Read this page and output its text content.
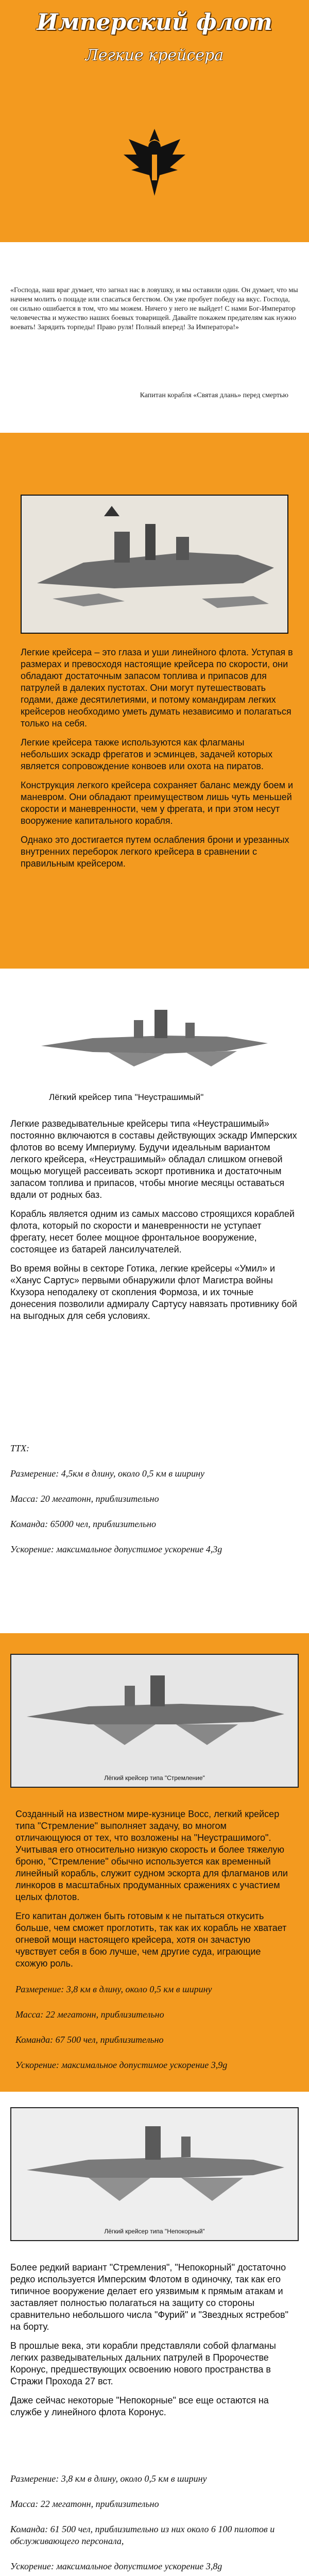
Имперский флот
Легкие крейсера
«Господа, наш враг думает, что загнал нас в ловушку, и мы оставили один. Он думает, что мы начнем молить о пощаде или спасаться бегством. Он уже пробует победу на вкус. Господа, он сильно ошибается в том, что мы можем. Ничего у него не выйдет! С нами Бог-Император человечества и мужество наших боевых товарищей. Давайте покажем предателям как нужно воевать! Зарядить торпеды! Право руля! Полный вперед! За Императора!»
Капитан корабля «Святая длань» перед смертью

Легкие крейсера – это глаза и уши линейного флота. Уступая в размерах и превосходя настоящие крейсера по скорости, они обладают достаточным запасом топлива и припасов для патрулей в далеких пустотах. Они могут путешествовать годами, даже десятилетиями, и потому командирам легких крейсеров необходимо уметь думать независимо и полагаться только на себя.

Легкие крейсера также используются как флагманы небольших эскадр фрегатов и эсминцев, задачей которых является сопровождение конвоев или охота на пиратов.

Конструкция легкого крейсера сохраняет баланс между боем и маневром. Они обладают преимуществом лишь чуть меньшей скорости и маневренности, чем у фрегата, и при этом несут вооружение капитального корабля.

Однако это достигается путем ослабления брони и урезанных внутренних переборок легкого крейсера в сравнении с правильным крейсером.

Лёгкий крейсер типа "Неустрашимый"

Легкие разведывательные крейсеры типа «Неустрашимый» постоянно включаются в составы действующих эскадр Имперских флотов во всему Империуму. Будучи идеальным вариантом легкого крейсера, «Неустрашимый» обладал слишком огневой мощью могущей рассеивать эскорт противника и достаточным запасом топлива и припасов, чтобы многие месяцы оставаться вдали от родных баз.

Корабль является одним из самых массово строящихся кораблей флота, который по скорости и маневренности не уступает фрегату, несет более мощное фронтальное вооружение, состоящее из батарей лансилучателей.

Во время войны в секторе Готика, легкие крейсеры «Умил» и «Ханус Сартус» первыми обнаружили флот Магистра войны Кхузора неподалеку от скопления Формоза, и их точные донесения позволили адмиралу Сартусу навязать противнику бой на выгодных для себя условиях.

ТТХ:
Размерение: 4,5км в длину, около 0,5 км в ширину
Масса: 20 мегатонн, приблизительно
Команда: 65000 чел, приблизительно
Ускорение: максимальное допустимое ускорение 4,3g
Лёгкий крейсер типа "Стремление"

Созданный на известном мире-кузнице Восс, легкий крейсер типа "Стремление" выполняет задачу, во многом отличающуюся от тех, что возложены на "Неустрашимого". Учитывая его относительно низкую скорость и более тяжелую броню, "Стремление" обычно используется как временный линейный корабль, служит судном эскорта для флагманов или линкоров в масштабных продуманных сражениях с участием целых флотов.

Его капитан должен быть готовым к не пытаться откусить больше, чем сможет проглотить, так как их корабль не хватает огневой мощи настоящего крейсера, хотя он зачастую чувствует себя в бою лучше, чем другие суда, играющие схожую роль.

Размерение: 3,8 км в длину, около 0,5 км в ширину
Масса: 22 мегатонн, приблизительно
Команда: 67 500 чел, приблизительно
Ускорение: максимальное допустимое ускорение 3,9g
Лёгкий крейсер типа "Непокорный"

Более редкий вариант "Стремления", "Непокорный" достаточно редко используется Имперским Флотом в одиночку, так как его типичное вооружение делает его уязвимым к прямым атакам и заставляет полностью полагаться на защиту со стороны сравнительно небольшого числа "Фурий" и "Звездных ястребов" на борту.

В прошлые века, эти корабли представляли собой флагманы легких разведывательных дальних патрулей в Пророчестве Коронус, предшествующих освоению нового пространства в Стражи Прохода 27 вст.

Даже сейчас некоторые "Непокорные" все еще остаются на службе у линейного флота Коронус.

Размерение: 3,8 км в длину, около 0,5 км в ширину
Масса: 22 мегатонн, приблизительно
Команда: 61 500 чел, приблизительно из них около 6 100 пилотов и обслуживающего персонала,
Ускорение: максимальное допустимое ускорение 3,8g
